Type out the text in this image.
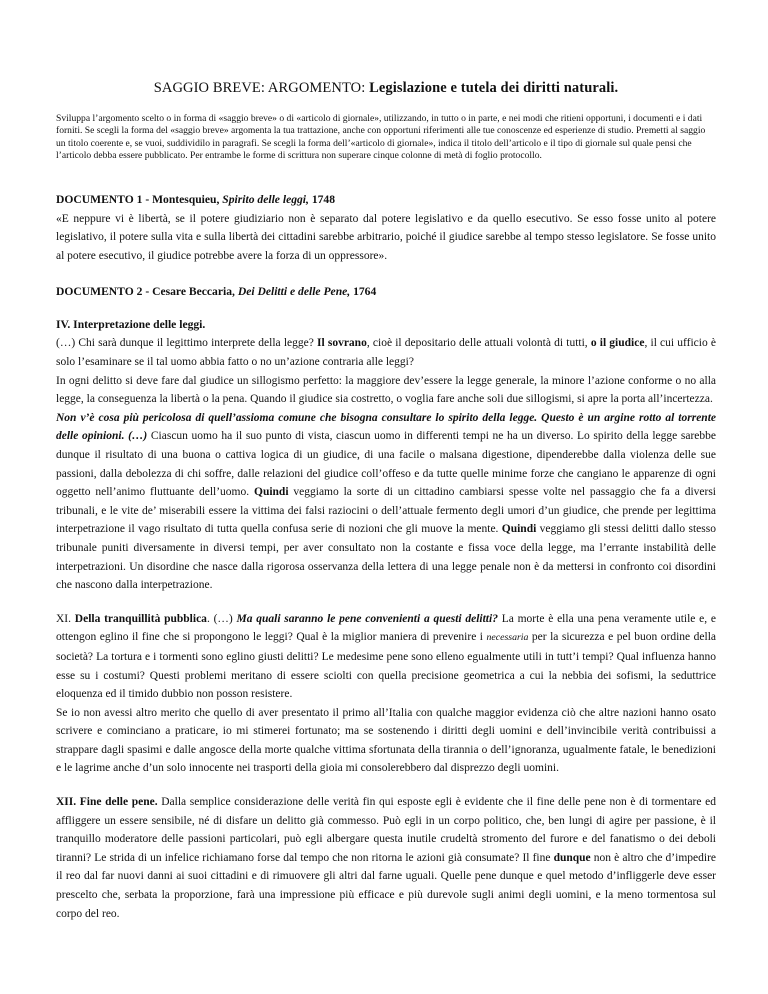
SAGGIO BREVE: ARGOMENTO: Legislazione e tutela dei diritti naturali.

Sviluppa l’argomento scelto o in forma di «saggio breve» o di «articolo di giornale», utilizzando, in tutto o in parte, e nei modi che ritieni opportuni, i documenti e i dati forniti. Se scegli la forma del «saggio breve» argomenta la tua trattazione, anche con opportuni riferimenti alle tue conoscenze ed esperienze di studio. Premetti al saggio un titolo coerente e, se vuoi, suddividilo in paragrafi. Se scegli la forma dell’«articolo di giornale», indica il titolo dell’articolo e il tipo di giornale sul quale pensi che l’articolo debba essere pubblicato. Per entrambe le forme di scrittura non superare cinque colonne di metà di foglio protocollo.

DOCUMENTO 1 - Montesquieu, Spirito delle leggi, 1748

«E neppure vi è libertà, se il potere giudiziario non è separato dal potere legislativo e da quello esecutivo. Se esso fosse unito al potere legislativo, il potere sulla vita e sulla libertà dei cittadini sarebbe arbitrario, poiché il giudice sarebbe al tempo stesso legislatore. Se fosse unito al potere esecutivo, il giudice potrebbe avere la forza di un oppressore».

DOCUMENTO 2 - Cesare Beccaria, Dei Delitti e delle Pene, 1764
IV. Interpretazione delle leggi.

(…) Chi sarà dunque il legittimo interprete della legge? Il sovrano, cioè il depositario delle attuali volontà di tutti, o il giudice, il cui ufficio è solo l’esaminare se il tal uomo abbia fatto o no un’azione contraria alle leggi?

In ogni delitto si deve fare dal giudice un sillogismo perfetto: la maggiore dev’essere la legge generale, la minore l’azione conforme o no alla legge, la conseguenza la libertà o la pena. Quando il giudice sia costretto, o voglia fare anche soli due sillogismi, si apre la porta all’incertezza.

Non v’è cosa più pericolosa di quell’assioma comune che bisogna consultare lo spirito della legge. Questo è un argine rotto al torrente delle opinioni. (…) Ciascun uomo ha il suo punto di vista, ciascun uomo in differenti tempi ne ha un diverso. Lo spirito della legge sarebbe dunque il risultato di una buona o cattiva logica di un giudice, di una facile o malsana digestione, dipenderebbe dalla violenza delle sue passioni, dalla debolezza di chi soffre, dalle relazioni del giudice coll’offeso e da tutte quelle minime forze che cangiano le apparenze di ogni oggetto nell’animo fluttuante dell’uomo. Quindi veggiamo la sorte di un cittadino cambiarsi spesse volte nel passaggio che fa a diversi tribunali, e le vite de’ miserabili essere la vittima dei falsi raziocini o dell’attuale fermento degli umori d’un giudice, che prende per legittima interpetrazione il vago risultato di tutta quella confusa serie di nozioni che gli muove la mente. Quindi veggiamo gli stessi delitti dallo stesso tribunale puniti diversamente in diversi tempi, per aver consultato non la costante e fissa voce della legge, ma l’errante instabilità delle interpetrazioni. Un disordine che nasce dalla rigorosa osservanza della lettera di una legge penale non è da mettersi in confronto coi disordini che nascono dalla interpetrazione.

XI. Della tranquillità pubblica. (…) Ma quali saranno le pene convenienti a questi delitti? La morte è ella una pena veramente utile e, e ottengon eglino il fine che si propongono le leggi? Qual è la miglior maniera di prevenire i necessaria per la sicurezza e pel buon ordine della società? La tortura e i tormenti sono eglino giusti delitti? Le medesime pene sono elleno egualmente utili in tutt’i tempi? Qual influenza hanno esse su i costumi? Questi problemi meritano di essere sciolti con quella precisione geometrica a cui la nebbia dei sofismi, la seduttrice eloquenza ed il timido dubbio non posson resistere.

Se io non avessi altro merito che quello di aver presentato il primo all’Italia con qualche maggior evidenza ciò che altre nazioni hanno osato scrivere e cominciano a praticare, io mi stimerei fortunato; ma se sostenendo i diritti degli uomini e dell’invincibile verità contribuissi a strappare dagli spasimi e dalle angosce della morte qualche vittima sfortunata della tirannia o dell’ignoranza, ugualmente fatale, le benedizioni e le lagrime anche d’un solo innocente nei trasporti della gioia mi consolerebbero dal disprezzo degli uomini.

XII. Fine delle pene. Dalla semplice considerazione delle verità fin qui esposte egli è evidente che il fine delle pene non è di tormentare ed affliggere un essere sensibile, né di disfare un delitto già commesso. Può egli in un corpo politico, che, ben lungi di agire per passione, è il tranquillo moderatore delle passioni particolari, può egli albergare questa inutile crudeltà stromento del furore e del fanatismo o dei deboli tiranni? Le strida di un infelice richiamano forse dal tempo che non ritorna le azioni già consumate? Il fine dunque non è altro che d’impedire il reo dal far nuovi danni ai suoi cittadini e di rimuovere gli altri dal farne uguali. Quelle pene dunque e quel metodo d’infliggerle deve esser prescelto che, serbata la proporzione, farà una impressione più efficace e più durevole sugli animi degli uomini, e la meno tormentosa sul corpo del reo.
